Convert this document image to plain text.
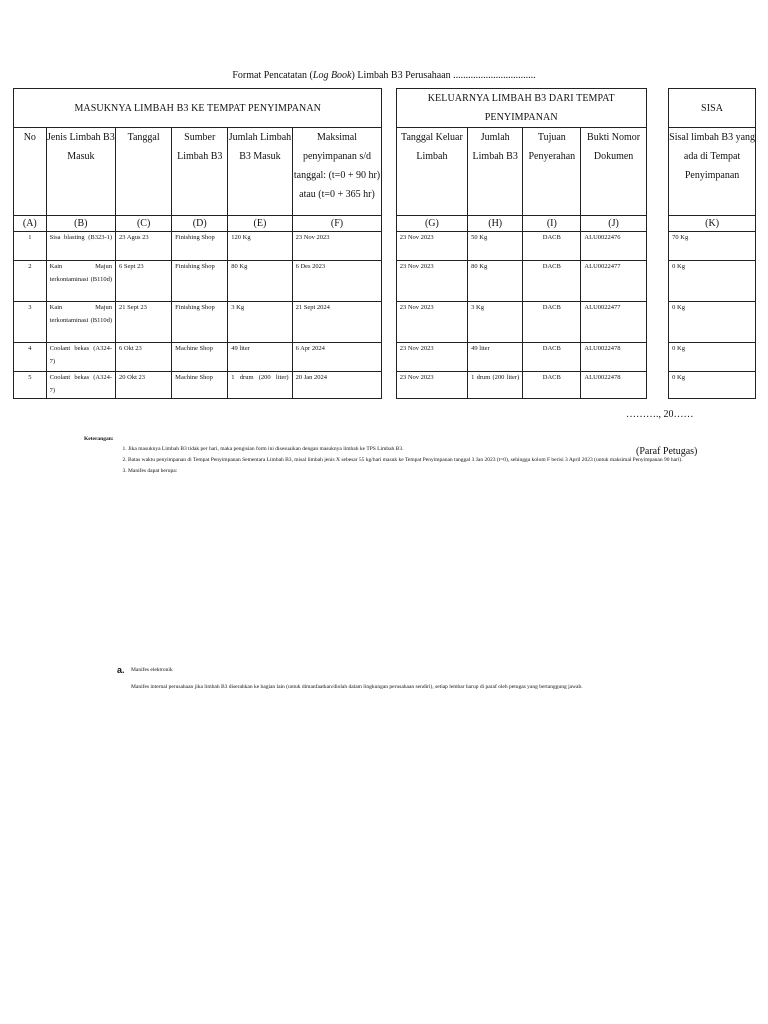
Format Pencatatan (Log Book) Limbah B3 Perusahaan .................................
MASUKNYA LIMBAH B3 KE TEMPAT PENYIMPANAN							KELUARNYA LIMBAH B3 DARI TEMPAT PENYIMPANAN					SISA
No	Jenis Limbah B3 Masuk	Tanggal	Sumber Limbah B3	Jumlah Limbah B3 Masuk	Maksimal penyimpanan s/d tanggal: (t=0 + 90 hr) atau (t=0 + 365 hr)		Tanggal Keluar Limbah	Jumlah Limbah B3	Tujuan Penyerahan	Bukti Nomor Dokumen		Sisal limbah B3 yang ada di Tempat Penyimpanan
(A)	(B)	(C)	(D)	(E)	(F)		(G)	(H)	(I)	(J)		(K)
1	Sisa blasting (B323-1)	23 Agus 23	Finishing Shop	120 Kg	23 Nov 2023		23 Nov 2023	50 Kg	DACB	ALU0022476		70 Kg
2	Kain Majun terkontaminasi (B110d)	6 Sept 23	Finishing Shop	80 Kg	6 Des 2023		23 Nov 2023	80 Kg	DACB	ALU0022477		0 Kg
3	Kain Majun terkontaminasi (B110d)	21 Sept 23	Finishing Shop	3 Kg	21 Sept 2024		23 Nov 2023	3 Kg	DACB	ALU0022477		0 Kg
4	Coolant bekas (A324-7)	6 Okt 23	Machine Shop	49 liter	6 Apr 2024		23 Nov 2023	49 liter	DACB	ALU0022478		0 Kg
5	Coolant bekas (A324-7)	20 Okt 23	Machine Shop	1 drum (200 liter)	20 Jan 2024		23 Nov 2023	1 drum (200 liter)	DACB	ALU0022478		0 Kg
………., 20……
(Paraf Petugas)
Keterangan:
1. Jika masuknya Limbah B3 tidak per hari, maka pengisian form ini disesuaikan dengan masuknya limbah ke TPS Limbah B3.
2. Batas waktu penyimpanan di Tempat Penyimpanan Sementara Limbah B3, misal limbah jenis X sebesar 55 kg/hari masuk ke Tempat Penyimpanan tanggal 3 Jan 2023 (t=0), sehingga kolom F berisi 3 April 2023 (untuk maksimal Penyimpanan 90 hari).
3. Manifes dapat berupa:
a. Manifes elektronik
Manifes internal perusahaan jika limbah B3 diserahkan ke bagian lain (untuk dimanfaatkan/diolah dalam lingkungan perusahaan sendiri), setiap lembar harup di paraf oleh petugas yang bertanggung jawab.
